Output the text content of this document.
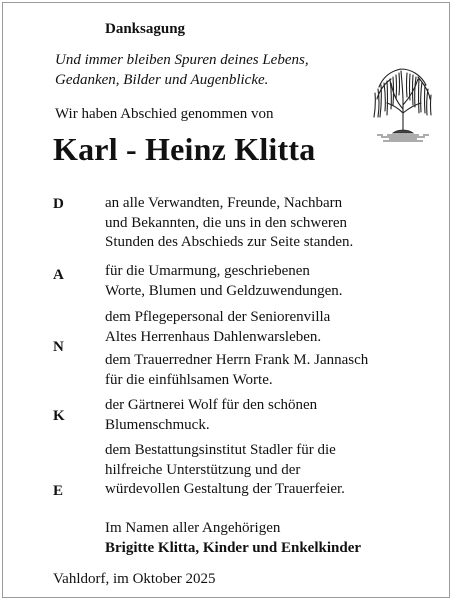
Danksagung
Und immer bleiben Spuren deines Lebens,
Gedanken, Bilder und Augenblicke.
Wir haben Abschied genommen von
Karl - Heinz Klitta
D
A
N
K
E
an alle Verwandten, Freunde, Nachbarn
und Bekannten, die uns in den schweren
Stunden des Abschieds zur Seite standen.
für die Umarmung, geschriebenen
Worte, Blumen und Geldzuwendungen.
dem Pflegepersonal der Seniorenvilla
Altes Herrenhaus Dahlenwarsleben.
dem Trauerredner Herrn Frank M. Jannasch
für die einfühlsamen Worte.
der Gärtnerei Wolf für den schönen
Blumenschmuck.
dem Bestattungsinstitut Stadler für die
hilfreiche Unterstützung und der
würdevollen Gestaltung der Trauerfeier.
Im Namen aller Angehörigen
Brigitte Klitta, Kinder und Enkelkinder
Vahldorf, im Oktober 2025
